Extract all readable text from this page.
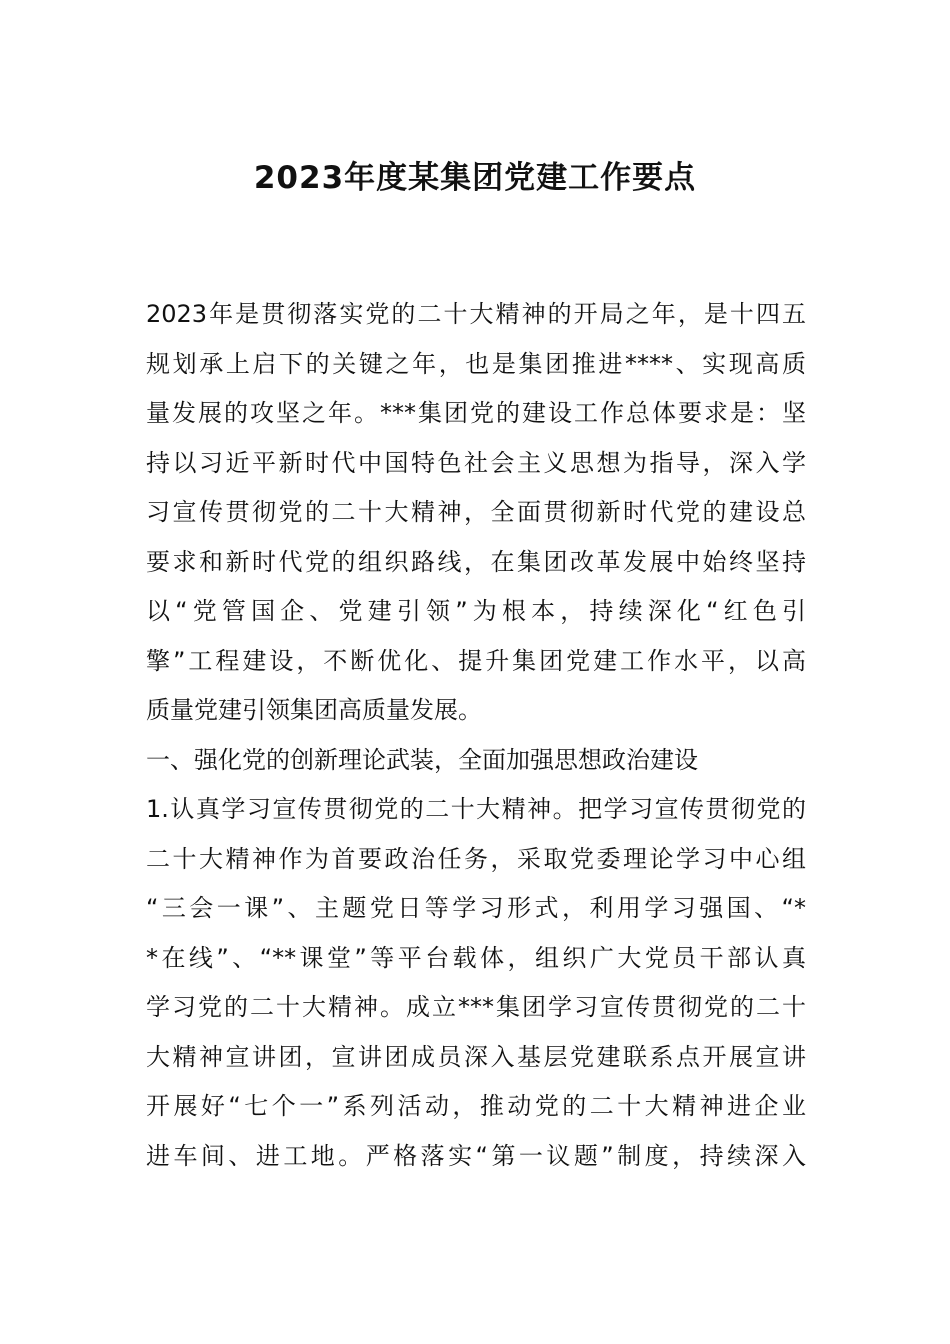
2023年度某集团党建工作要点
2023年是贯彻落实党的二十大精神的开局之年，是十四五
规划承上启下的关键之年，也是集团推进****、实现高质
量发展的攻坚之年。***集团党的建设工作总体要求是：坚
持以习近平新时代中国特色社会主义思想为指导，深入学
习宣传贯彻党的二十大精神，全面贯彻新时代党的建设总
要求和新时代党的组织路线，在集团改革发展中始终坚持
以“党管国企、党建引领”为根本，持续深化“红色引
擎”工程建设，不断优化、提升集团党建工作水平，以高
质量党建引领集团高质量发展。
一、强化党的创新理论武装，全面加强思想政治建设
1.认真学习宣传贯彻党的二十大精神。把学习宣传贯彻党的
二十大精神作为首要政治任务，采取党委理论学习中心组
“三会一课”、主题党日等学习形式，利用学习强国、“*
*在线”、“**课堂”等平台载体，组织广大党员干部认真
学习党的二十大精神。成立***集团学习宣传贯彻党的二十
大精神宣讲团，宣讲团成员深入基层党建联系点开展宣讲
开展好“七个一”系列活动，推动党的二十大精神进企业
进车间、进工地。严格落实“第一议题”制度，持续深入
